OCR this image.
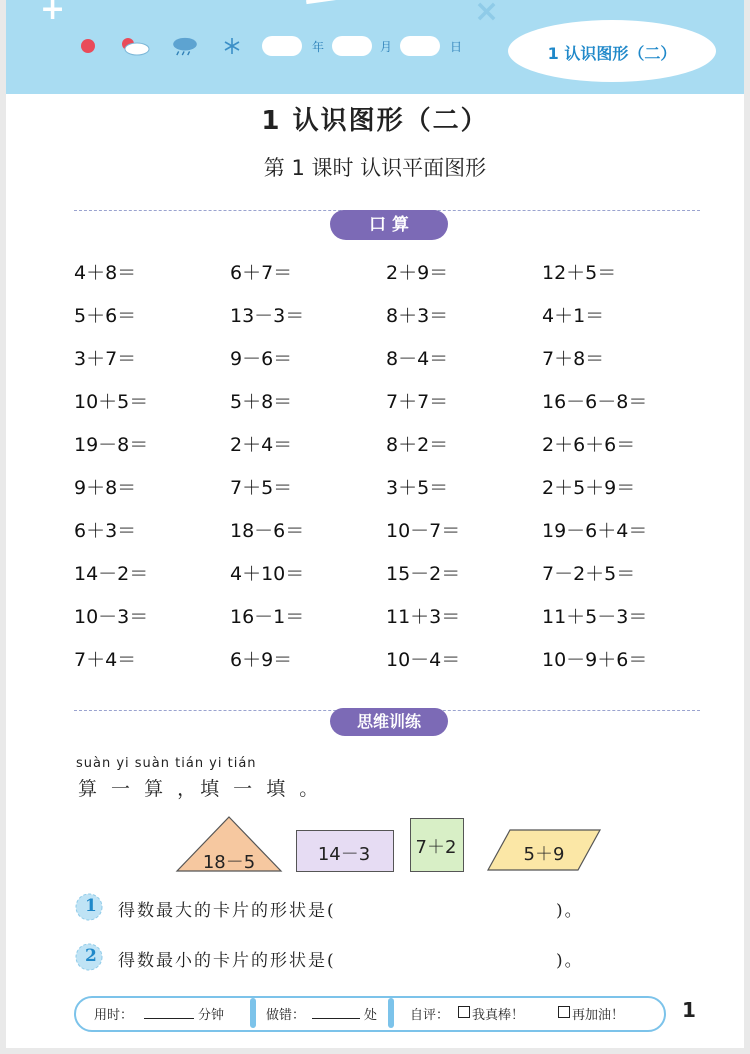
+	×
年	月	日	1 认识图形（二）
1 认识图形（二）
第 1 课时 认识平面图形
口 算
4＋8＝	6＋7＝	2＋9＝	12＋5＝
5＋6＝	13－3＝	8＋3＝	4＋1＝
3＋7＝	9－6＝	8－4＝	7＋8＝
10＋5＝	5＋8＝	7＋7＝	16－6－8＝
19－8＝	2＋4＝	8＋2＝	2＋6＋6＝
9＋8＝	7＋5＝	3＋5＝	2＋5＋9＝
6＋3＝	18－6＝	10－7＝	19－6＋4＝
14－2＝	4＋10＝	15－2＝	7－2＋5＝
10－3＝	16－1＝	11＋3＝	11＋5－3＝
7＋4＝	6＋9＝	10－4＝	10－9＋6＝
思维训练
suàn yi suàn tián yi tián
算 一 算 ，填 一 填 。
18－5	14－3	7＋2	5＋9
1 得数最大的卡片的形状是(	)。
2 得数最小的卡片的形状是(	)。
用时：	分钟	做错：	处	自评： 我真棒！	再加油！	1
